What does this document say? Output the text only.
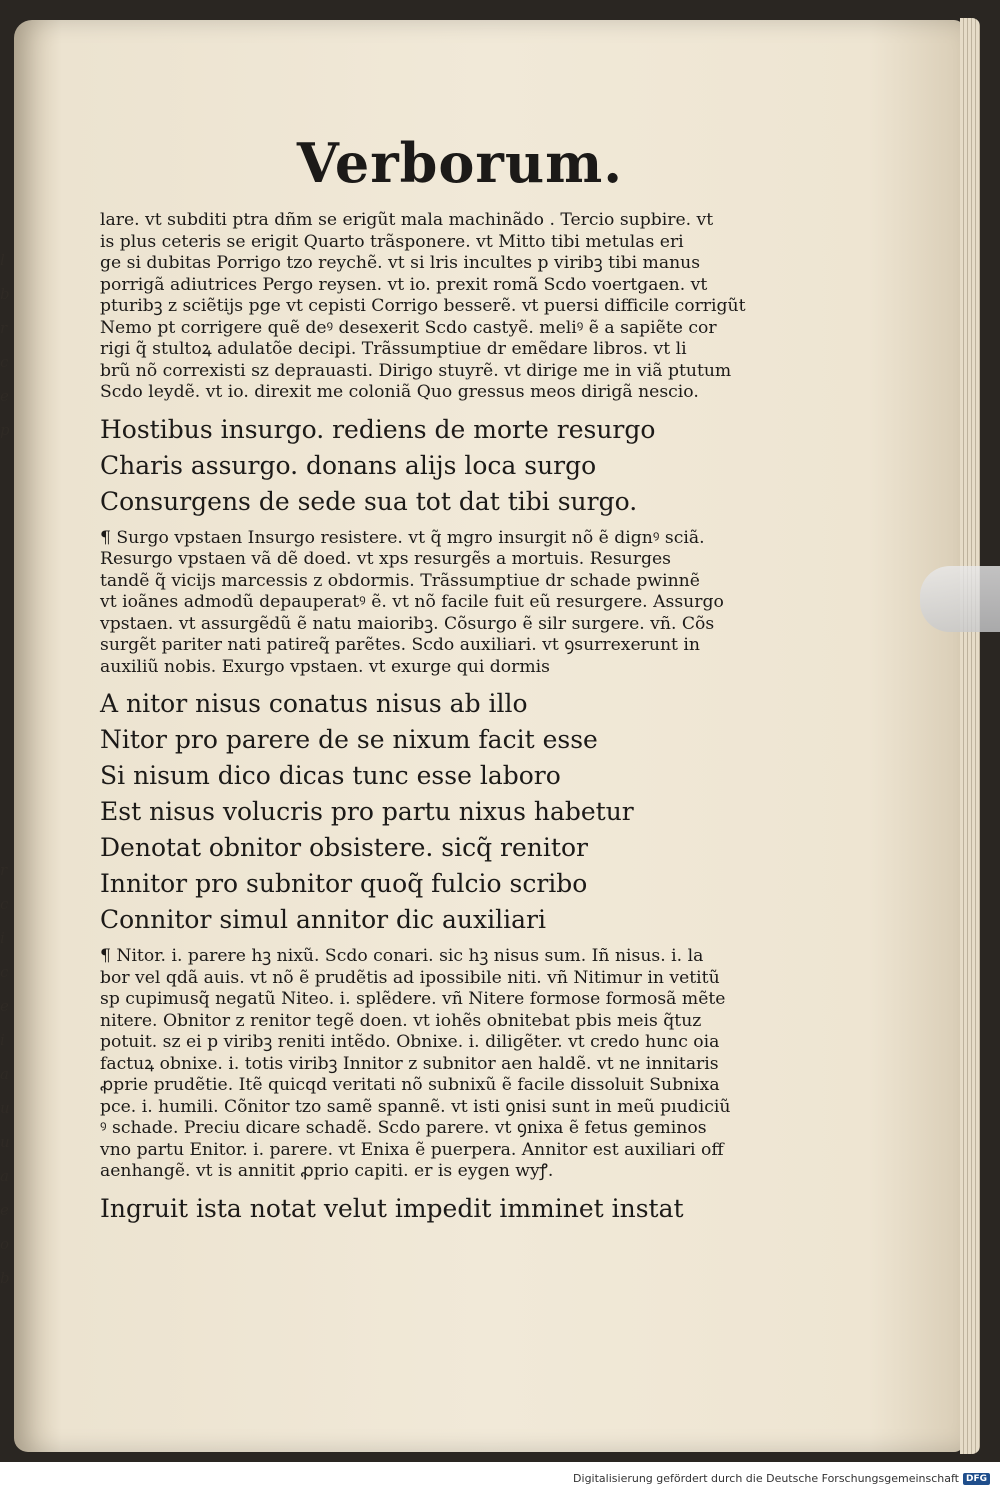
l
b
r
c
e
p
r
c
i
c
e
i
a
u
u
a
e
o
b
Verborum.

lare. vt subditi ptra dñm se erigũt mala machinãdo . Tercio supbire. vt

is plus ceteris se erigit Quarto trãsponere. vt Mitto tibi metulas eri

ge si dubitas Porrigo tzo reychẽ. vt si lris incultes p viribꝫ tibi manus

porrigã adiutrices Pergo reysen. vt io. prexit romã Scdo voertgaen. vt

pturibꝫ z sciẽtijs pge vt cepisti Corrigo besserẽ. vt puersi difficile corrigũt

Nemo pt corrigere quẽ deꝰ desexerit Scdo castyẽ. meliꝰ ẽ a sapiẽte cor

rigi q̃ stultoꝝ adulatõe decipi. Trãssumptiue dr emẽdare libros. vt li

brũ nõ correxisti sz deprauasti. Dirigo stuyrẽ. vt dirige me in viã ptutum

Scdo leydẽ. vt io. direxit me coloniã Quo gressus meos dirigã nescio.

Hostibus insurgo. rediens de morte resurgo

Charis assurgo. donans alijs loca surgo

Consurgens de sede sua tot dat tibi surgo.

¶ Surgo vpstaen Insurgo resistere. vt q̃ mgro insurgit nõ ẽ dignꝰ sciã.

Resurgo vpstaen vã dẽ doed. vt xps resurgẽs a mortuis. Resurges

tandẽ q̃ vicijs marcessis z obdormis. Trãssumptiue dr schade pwinnẽ

vt ioãnes admodũ depauperatꝰ ẽ. vt nõ facile fuit eũ resurgere. Assurgo

vpstaen. vt assurgẽdũ ẽ natu maioribꝫ. Cõsurgo ẽ silr surgere. vñ. Cõs

surgẽt pariter nati patireq̃ parẽtes. Scdo auxiliari. vt ꝯsurrexerunt in

auxiliũ nobis. Exurgo vpstaen. vt exurge qui dormis

A nitor nisus conatus nisus ab illo

Nitor pro parere de se nixum facit esse

Si nisum dico dicas tunc esse laboro

Est nisus volucris pro partu nixus habetur

Denotat obnitor obsistere. sicq̃ renitor

Innitor pro subnitor quoq̃ fulcio scribo

Connitor simul annitor dic auxiliari

¶ Nitor. i. parere hꝫ nixũ. Scdo conari. sic hꝫ nisus sum. Iñ nisus. i. la

bor vel qdã auis. vt nõ ẽ prudẽtis ad ipossibile niti. vñ Nitimur in vetitũ

sp cupimusq̃ negatũ Niteo. i. splẽdere. vñ Nitere formose formosã mẽte

nitere. Obnitor z renitor tegẽ doen. vt iohẽs obnitebat pbis meis q̃tuz

potuit. sz ei p viribꝫ reniti intẽdo. Obnixe. i. diligẽter. vt credo hunc oia

factuꝝ obnixe. i. totis viribꝫ Innitor z subnitor aen haldẽ. vt ne innitaris

ꝓprie prudẽtie. Itẽ quicqd veritati nõ subnixũ ẽ facile dissoluit Subnixa

pce. i. humili. Cõnitor tzo samẽ spannẽ. vt isti ꝯnisi sunt in meũ pıudiciũ

ꝰ schade. Preciu dicare schadẽ. Scdo parere. vt ꝯnixa ẽ fetus geminos

vno partu Enitor. i. parere. vt Enixa ẽ puerpera. Annitor est auxiliari off

aenhangẽ. vt is annitit ꝓprio capiti. er is eygen wyꝭ.

Ingruit ista notat velut impedit imminet instat
Digitalisierung gefördert durch die Deutsche Forschungsgemeinschaft DFG
